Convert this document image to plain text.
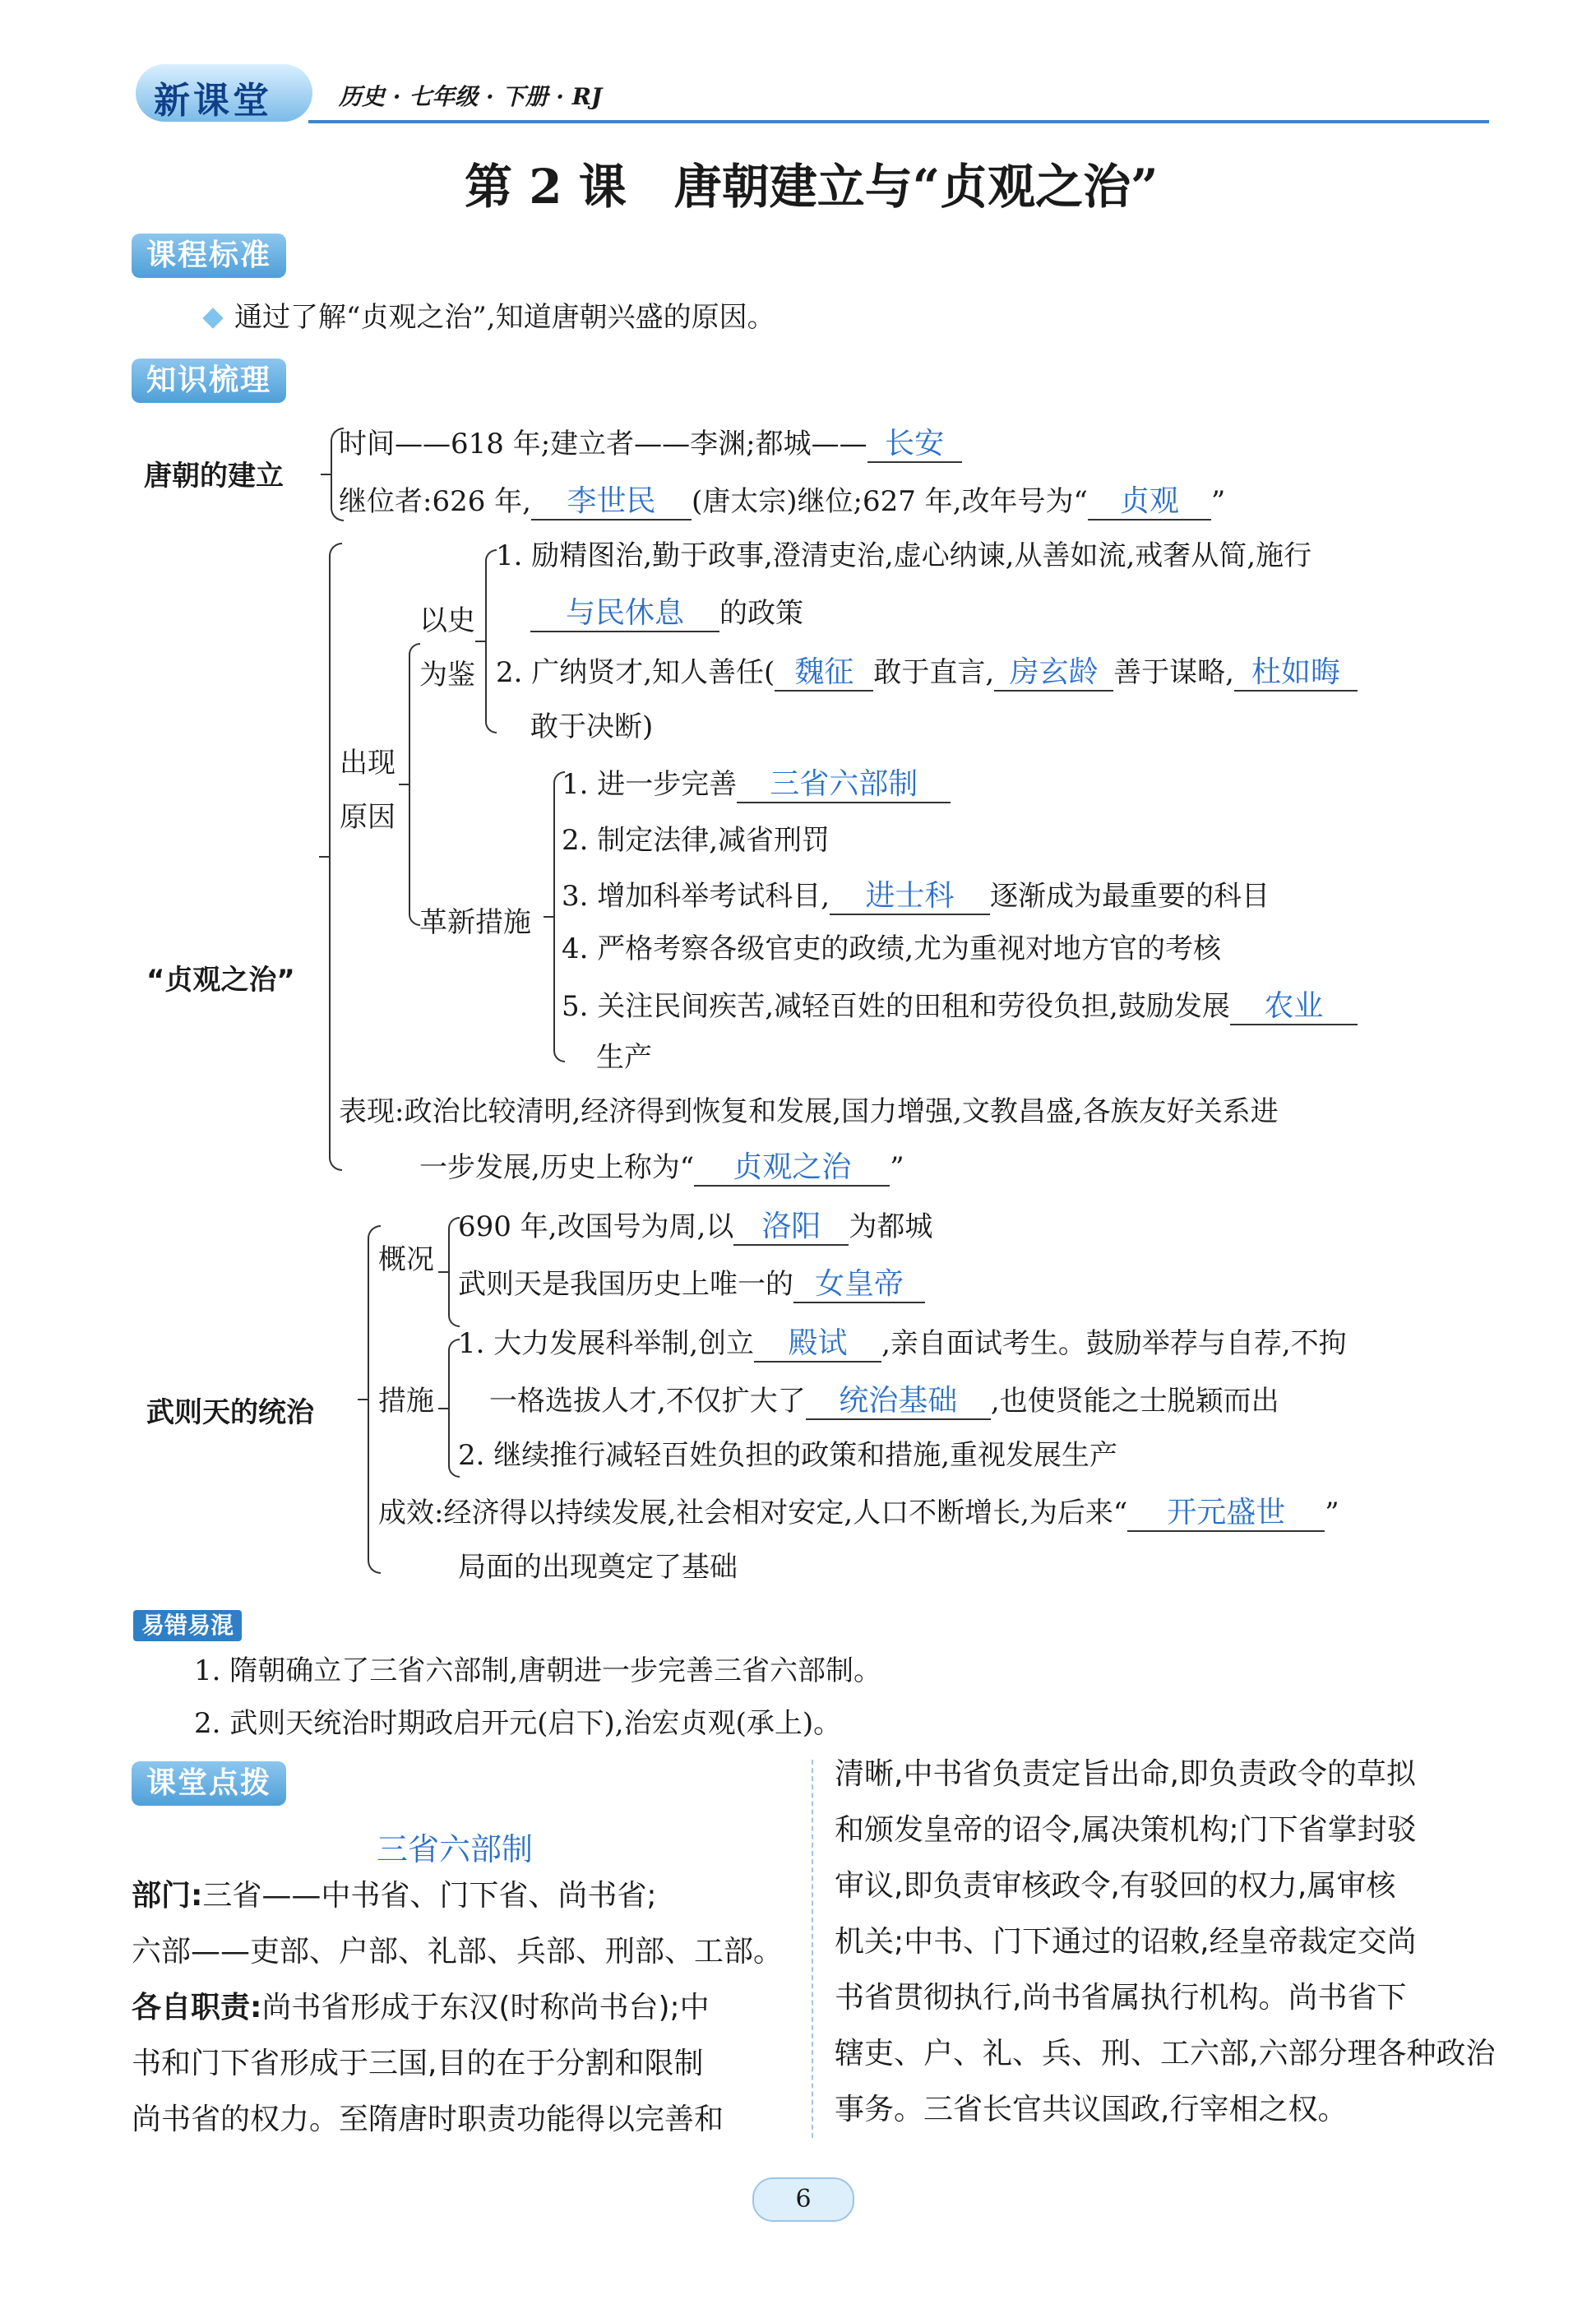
新课堂	历史 · 七年级 · 下册 · RJ
第 2 课　唐朝建立与“贞观之治”
课程标准
通过了解“贞观之治”,知道唐朝兴盛的原因。
知识梳理
唐朝的建立
时间——618 年;建立者——李渊;都城—— 长安
继位者:626 年, 李世民 (唐太宗)继位;627 年,改年号为“ 贞观 ”
“贞观之治”
出现原因
以史为鉴
1. 励精图治,勤于政事,澄清吏治,虚心纳谏,从善如流,戒奢从简,施行
与民休息 的政策
2. 广纳贤才,知人善任( 魏征 敢于直言, 房玄龄 善于谋略, 杜如晦
敢于决断)
革新措施
1. 进一步完善 三省六部制
2. 制定法律,减省刑罚
3. 增加科举考试科目, 进士科 逐渐成为最重要的科目
4. 严格考察各级官吏的政绩,尤为重视对地方官的考核
5. 关注民间疾苦,减轻百姓的田租和劳役负担,鼓励发展 农业
生产
表现:政治比较清明,经济得到恢复和发展,国力增强,文教昌盛,各族友好关系进
一步发展,历史上称为“ 贞观之治 ”
武则天的统治
概况
690 年,改国号为周,以 洛阳 为都城
武则天是我国历史上唯一的 女皇帝
措施
1. 大力发展科举制,创立 殿试 ,亲自面试考生。鼓励举荐与自荐,不拘
一格选拔人才,不仅扩大了 统治基础 ,也使贤能之士脱颖而出
2. 继续推行减轻百姓负担的政策和措施,重视发展生产
成效:经济得以持续发展,社会相对安定,人口不断增长,为后来“ 开元盛世 ”
局面的出现奠定了基础
易错易混
1. 隋朝确立了三省六部制,唐朝进一步完善三省六部制。
2. 武则天统治时期政启开元(启下),治宏贞观(承上)。
课堂点拨
三省六部制
部门:三省——中书省、门下省、尚书省;
六部——吏部、户部、礼部、兵部、刑部、工部。
各自职责:尚书省形成于东汉(时称尚书台);中
书和门下省形成于三国,目的在于分割和限制
尚书省的权力。至隋唐时职责功能得以完善和
清晰,中书省负责定旨出命,即负责政令的草拟
和颁发皇帝的诏令,属决策机构;门下省掌封驳
审议,即负责审核政令,有驳回的权力,属审核
机关;中书、门下通过的诏敕,经皇帝裁定交尚
书省贯彻执行,尚书省属执行机构。尚书省下
辖吏、户、礼、兵、刑、工六部,六部分理各种政治
事务。三省长官共议国政,行宰相之权。
6
